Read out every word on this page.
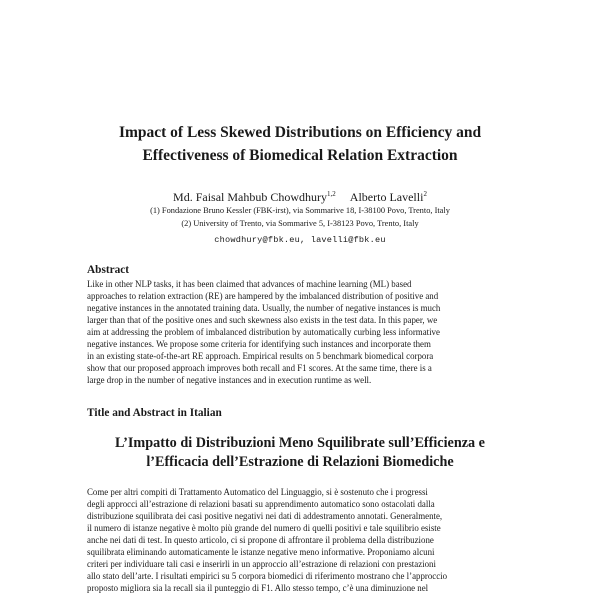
Impact of Less Skewed Distributions on Efficiency and
Effectiveness of Biomedical Relation Extraction

Md. Faisal Mahbub Chowdhury$^{1,2}$ Alberto Lavelli$^2$

(1) Fondazione Bruno Kessler (FBK-irst), via Sommarive 18, I-38100 Povo, Trento, Italy

(2) University of Trento, via Sommarive 5, I-38123 Povo, Trento, Italy

chowdhury@fbk.eu, lavelli@fbk.eu

Abstract
Like in other NLP tasks, it has been claimed that advances of machine learning (ML) based
approaches to relation extraction (RE) are hampered by the imbalanced distribution of positive and
negative instances in the annotated training data. Usually, the number of negative instances is much
larger than that of the positive ones and such skewness also exists in the test data. In this paper, we
aim at addressing the problem of imbalanced distribution by automatically curbing less informative
negative instances. We propose some criteria for identifying such instances and incorporate them
in an existing state-of-the-art RE approach. Empirical results on 5 benchmark biomedical corpora
show that our proposed approach improves both recall and F1 scores. At the same time, there is a
large drop in the number of negative instances and in execution runtime as well.
Title and Abstract in Italian
L’Impatto di Distribuzioni Meno Squilibrate sull’Efficienza e
l’Efficacia dell’Estrazione di Relazioni Biomediche
Come per altri compiti di Trattamento Automatico del Linguaggio, si è sostenuto che i progressi
degli approcci all’estrazione di relazioni basati su apprendimento automatico sono ostacolati dalla
distribuzione squilibrata dei casi positive negativi nei dati di addestramento annotati. Generalmente,
il numero di istanze negative è molto più grande del numero di quelli positivi e tale squilibrio esiste
anche nei dati di test. In questo articolo, ci si propone di affrontare il problema della distribuzione
squilibrata eliminando automaticamente le istanze negative meno informative. Proponiamo alcuni
criteri per individuare tali casi e inserirli in un approccio all’estrazione di relazioni con prestazioni
allo stato dell’arte. I risultati empirici su 5 corpora biomedici di riferimento mostrano che l’approccio
proposto migliora sia la recall sia il punteggio di F1. Allo stesso tempo, c’è una diminuzione nel
